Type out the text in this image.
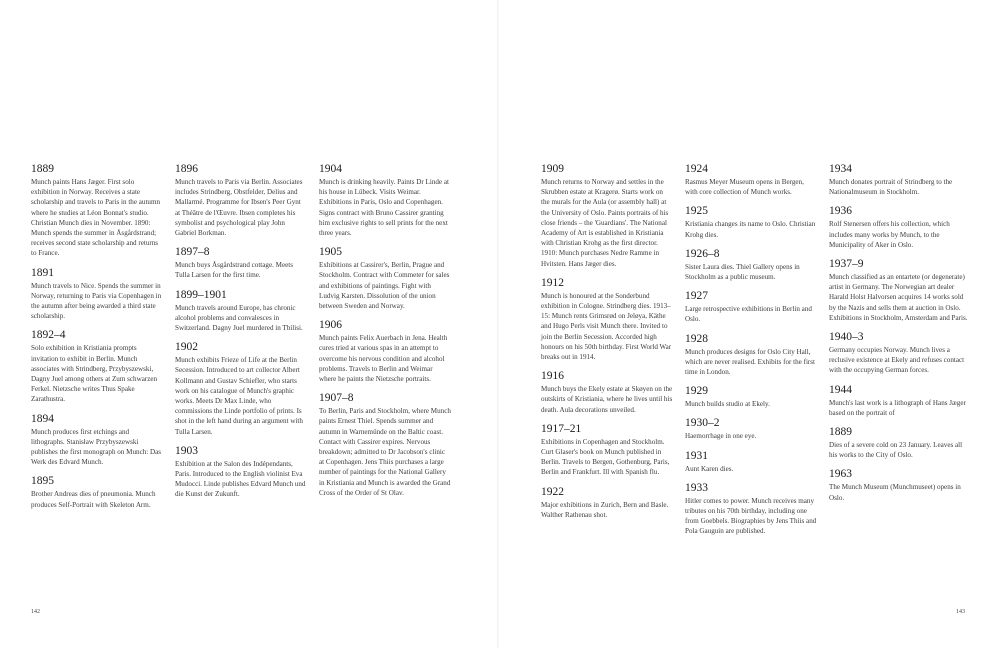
1889
Munch paints Hans Jæger. First solo exhibition in Norway. Receives a state scholarship and travels to Paris in the autumn where he studies at Léon Bonnat's studio. Christian Munch dies in November. 1890: Munch spends the summer in Åsgårdstrand; receives second state scholarship and returns to France.
1891
Munch travels to Nice. Spends the summer in Norway, returning to Paris via Copenhagen in the autumn after being awarded a third state scholarship.
1892–4
Solo exhibition in Kristiania prompts invitation to exhibit in Berlin. Munch associates with Strindberg, Przybyszewski, Dagny Juel among others at Zum schwarzen Ferkel. Nietzsche writes Thus Spake Zarathustra.
1894
Munch produces first etchings and lithographs. Stanisław Przybyszewski publishes the first monograph on Munch: Das Werk des Edvard Munch.
1895
Brother Andreas dies of pneumonia. Munch produces Self-Portrait with Skeleton Arm.
1896
Munch travels to Paris via Berlin. Associates includes Strindberg, Obstfelder, Delius and Mallarmé. Programme for Ibsen's Peer Gynt at Théâtre de l'Œuvre. Ibsen completes his symbolist and psychological play John Gabriel Borkman.
1897–8
Munch buys Åsgårdstrand cottage. Meets Tulla Larsen for the first time.
1899–1901
Munch travels around Europe, has chronic alcohol problems and convalesces in Switzerland. Dagny Juel murdered in Tbilisi.
1902
Munch exhibits Frieze of Life at the Berlin Secession. Introduced to art collector Albert Kollmann and Gustav Schiefler, who starts work on his catalogue of Munch's graphic works. Meets Dr Max Linde, who commissions the Linde portfolio of prints. Is shot in the left hand during an argument with Tulla Larsen.
1903
Exhibition at the Salon des Indépendants, Paris. Introduced to the English violinist Eva Mudocci. Linde publishes Edvard Munch und die Kunst der Zukunft.
1904
Munch is drinking heavily. Paints Dr Linde at his house in Lübeck. Visits Weimar. Exhibitions in Paris, Oslo and Copenhagen. Signs contract with Bruno Cassirer granting him exclusive rights to sell prints for the next three years.
1905
Exhibitions at Cassirer's, Berlin, Prague and Stockholm. Contract with Commeter for sales and exhibitions of paintings. Fight with Ludvig Karsten. Dissolution of the union between Sweden and Norway.
1906
Munch paints Felix Auerbach in Jena. Health cures tried at various spas in an attempt to overcome his nervous condition and alcohol problems. Travels to Berlin and Weimar where he paints the Nietzsche portraits.
1907–8
To Berlin, Paris and Stockholm, where Munch paints Ernest Thiel. Spends summer and autumn in Warnemünde on the Baltic coast. Contact with Cassirer expires. Nervous breakdown; admitted to Dr Jacobson's clinic at Copenhagen. Jens Thiis purchases a large number of paintings for the National Gallery in Kristiania and Munch is awarded the Grand Cross of the Order of St Olav.
1909
Munch returns to Norway and settles in the Skrubben estate at Kragerø. Starts work on the murals for the Aula (or assembly hall) at the University of Oslo. Paints portraits of his close friends – the 'Guardians'. The National Academy of Art is established in Kristiania with Christian Krohg as the first director. 1910: Munch purchases Nedre Ramme in Hvitsten. Hans Jæger dies.
1912
Munch is honoured at the Sonderbund exhibition in Cologne. Strindberg dies. 1913–15: Munch rents Grimsrød on Jeløya, Käthe and Hugo Perls visit Munch there. Invited to join the Berlin Secession. Accorded high honours on his 50th birthday. First World War breaks out in 1914.
1916
Munch buys the Ekely estate at Skøyen on the outskirts of Kristiania, where he lives until his death. Aula decorations unveiled.
1917–21
Exhibitions in Copenhagen and Stockholm. Curt Glaser's book on Munch published in Berlin. Travels to Bergen, Gothenburg, Paris, Berlin and Frankfurt. Ill with Spanish flu.
1922
Major exhibitions in Zurich, Bern and Basle. Walther Rathenau shot.
1924
Rasmus Meyer Museum opens in Bergen, with core collection of Munch works.
1925
Kristiania changes its name to Oslo. Christian Krohg dies.
1926–8
Sister Laura dies. Thiel Gallery opens in Stockholm as a public museum.
1927
Large retrospective exhibitions in Berlin and Oslo.
1928
Munch produces designs for Oslo City Hall, which are never realised. Exhibits for the first time in London.
1929
Munch builds studio at Ekely.
1930–2
Haemorrhage in one eye.
1931
Aunt Karen dies.
1933
Hitler comes to power. Munch receives many tributes on his 70th birthday, including one from Goebbels. Biographies by Jens Thiis and Pola Gauguin are published.
1934
Munch donates portrait of Strindberg to the Nationalmuseum in Stockholm.
1936
Rolf Stenersen offers his collection, which includes many works by Munch, to the Municipality of Aker in Oslo.
1937–9
Munch classified as an entartete (or degenerate) artist in Germany. The Norwegian art dealer Harald Holst Halvorsen acquires 14 works sold by the Nazis and sells them at auction in Oslo. Exhibitions in Stockholm, Amsterdam and Paris.
1940–3
Germany occupies Norway. Munch lives a reclusive existence at Ekely and refuses contact with the occupying German forces.
1944
Munch's last work is a lithograph of Hans Jæger based on the portrait of
1889
Dies of a severe cold on 23 January. Leaves all his works to the City of Oslo.
1963
The Munch Museum (Munchmuseet) opens in Oslo.
142	143
